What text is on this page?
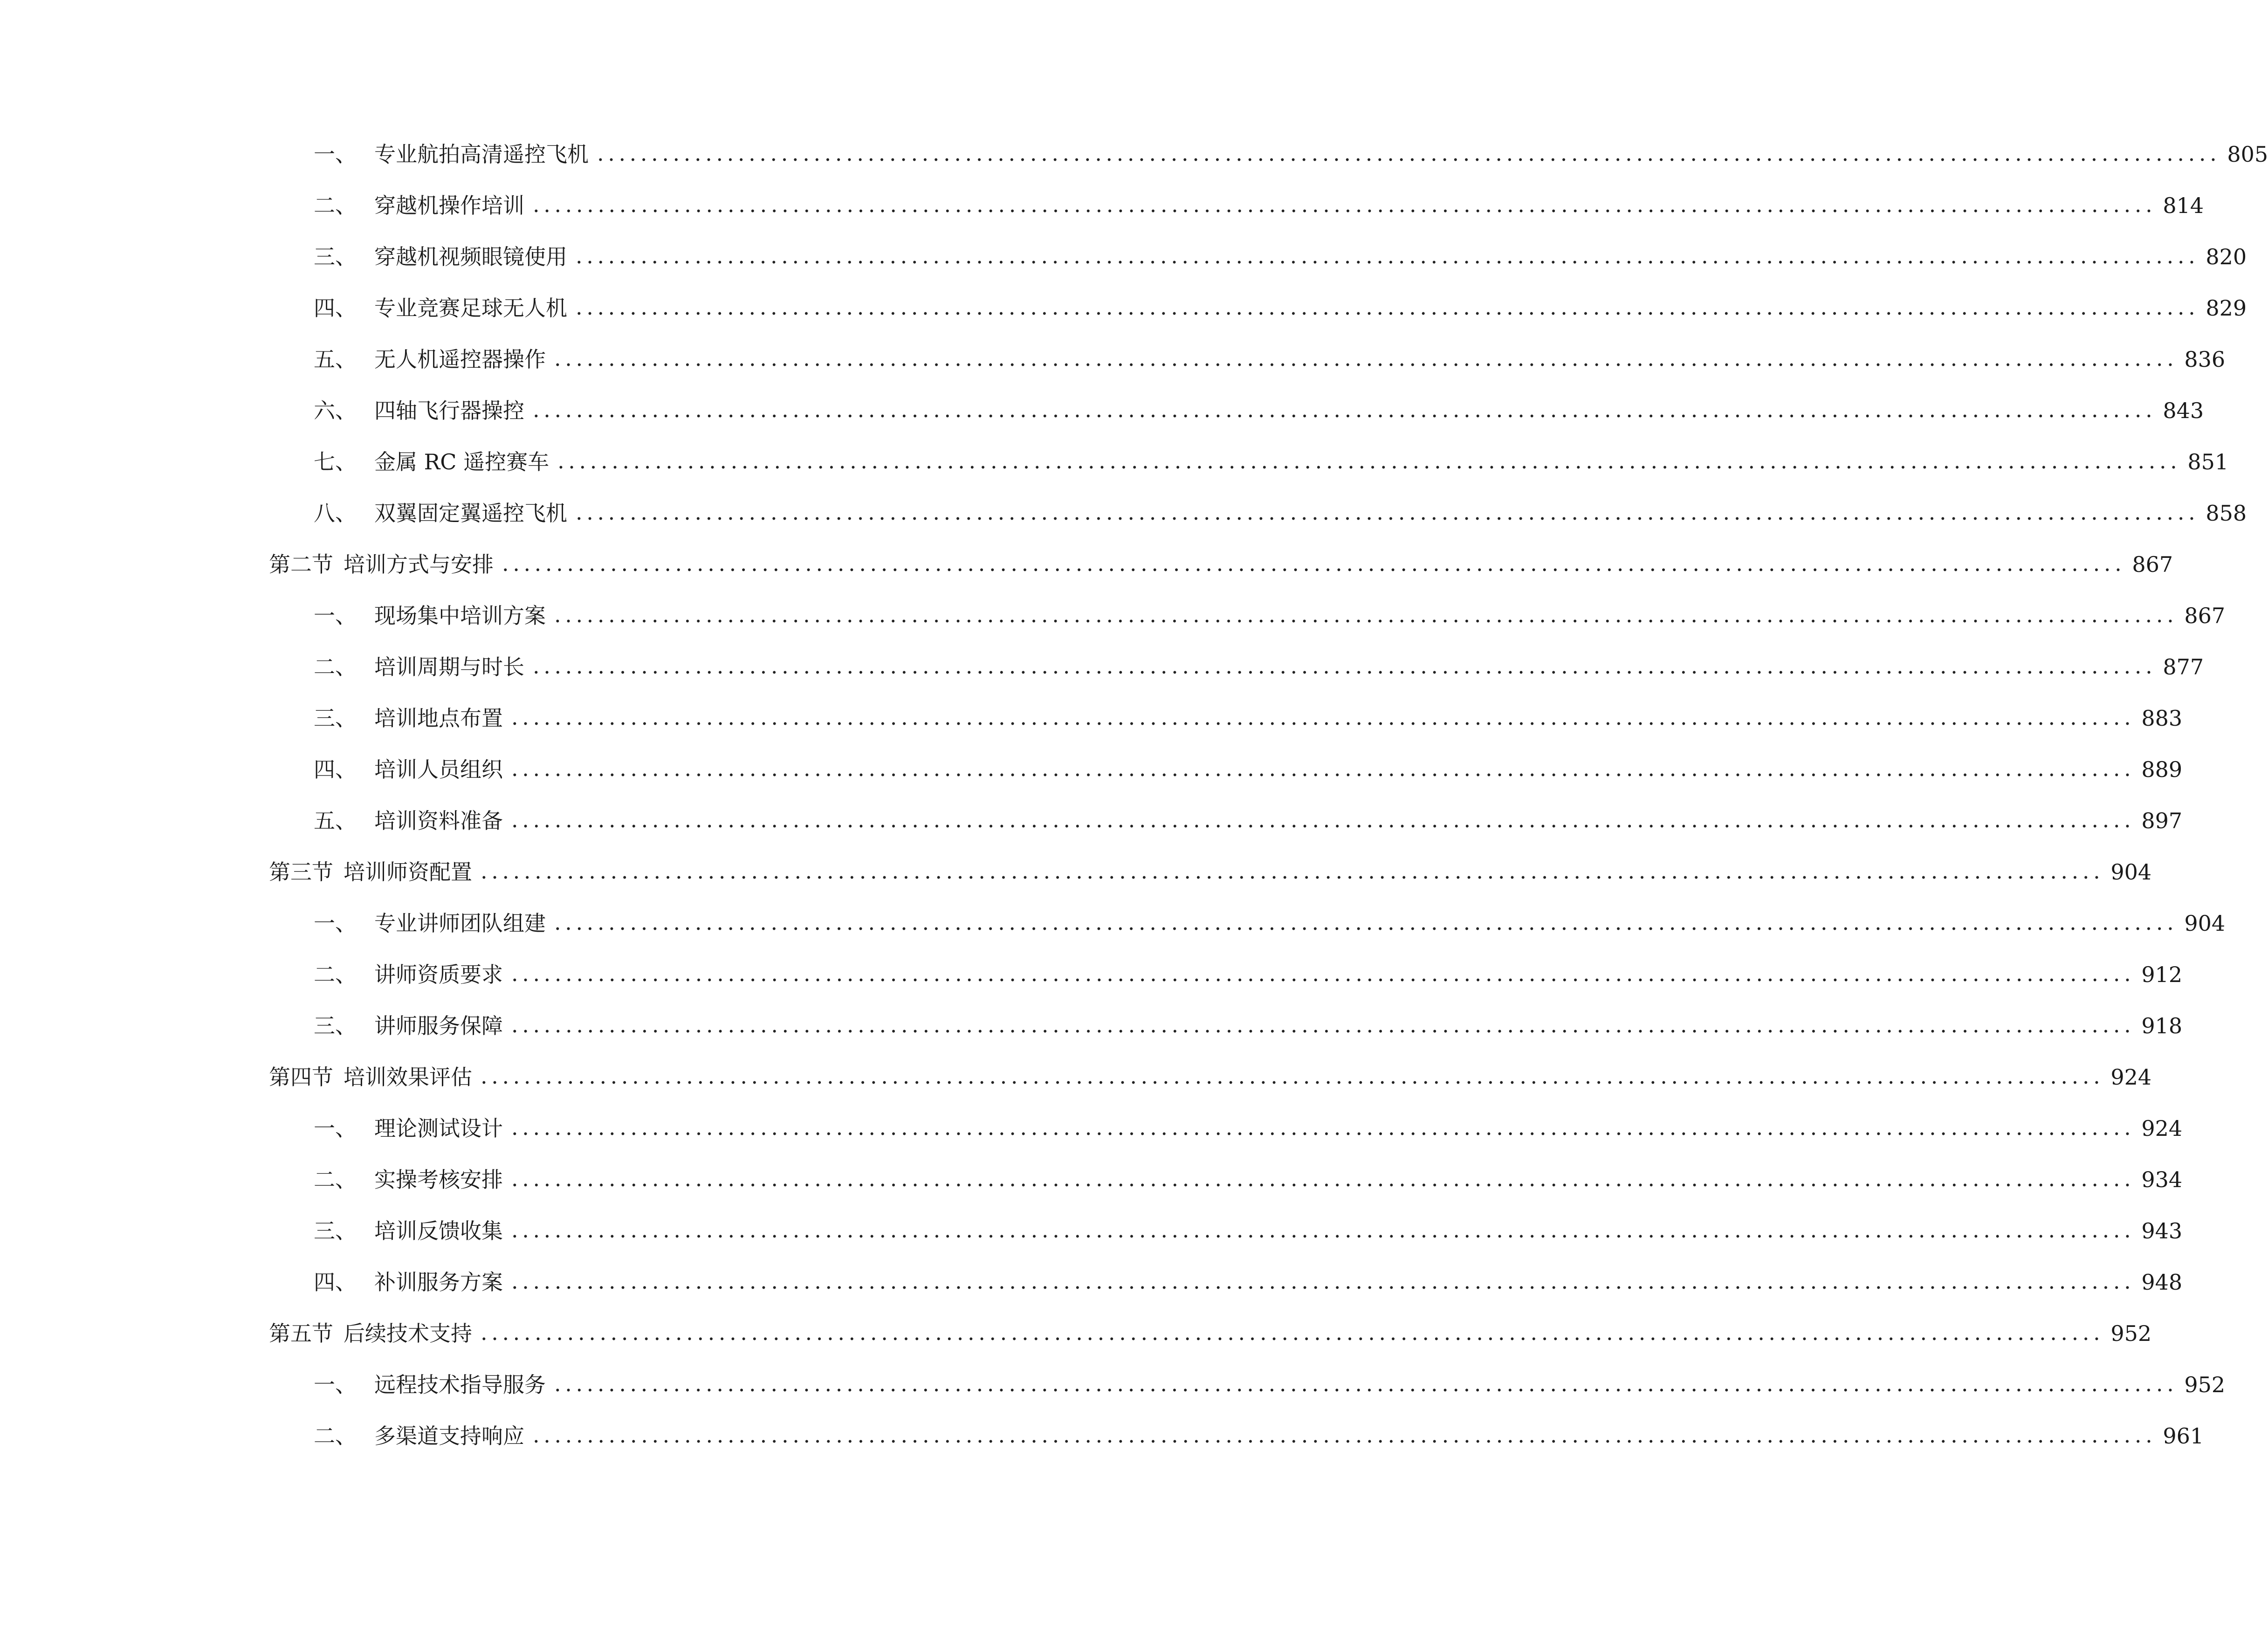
一、 专业航拍高清遥控飞机 ...................................................................................................................................................... 805
二、 穿越机操作培训 ...................................................................................................................................................... 814
三、 穿越机视频眼镜使用 ...................................................................................................................................................... 820
四、 专业竞赛足球无人机 ...................................................................................................................................................... 829
五、 无人机遥控器操作 ...................................................................................................................................................... 836
六、 四轴飞行器操控 ...................................................................................................................................................... 843
七、 金属 RC 遥控赛车 ...................................................................................................................................................... 851
八、 双翼固定翼遥控飞机 ...................................................................................................................................................... 858
第二节 培训方式与安排 ...................................................................................................................................................... 867
一、 现场集中培训方案 ...................................................................................................................................................... 867
二、 培训周期与时长 ...................................................................................................................................................... 877
三、 培训地点布置 ...................................................................................................................................................... 883
四、 培训人员组织 ...................................................................................................................................................... 889
五、 培训资料准备 ...................................................................................................................................................... 897
第三节 培训师资配置 ...................................................................................................................................................... 904
一、 专业讲师团队组建 ...................................................................................................................................................... 904
二、 讲师资质要求 ...................................................................................................................................................... 912
三、 讲师服务保障 ...................................................................................................................................................... 918
第四节 培训效果评估 ...................................................................................................................................................... 924
一、 理论测试设计 ...................................................................................................................................................... 924
二、 实操考核安排 ...................................................................................................................................................... 934
三、 培训反馈收集 ...................................................................................................................................................... 943
四、 补训服务方案 ...................................................................................................................................................... 948
第五节 后续技术支持 ...................................................................................................................................................... 952
一、 远程技术指导服务 ...................................................................................................................................................... 952
二、 多渠道支持响应 ...................................................................................................................................................... 961
